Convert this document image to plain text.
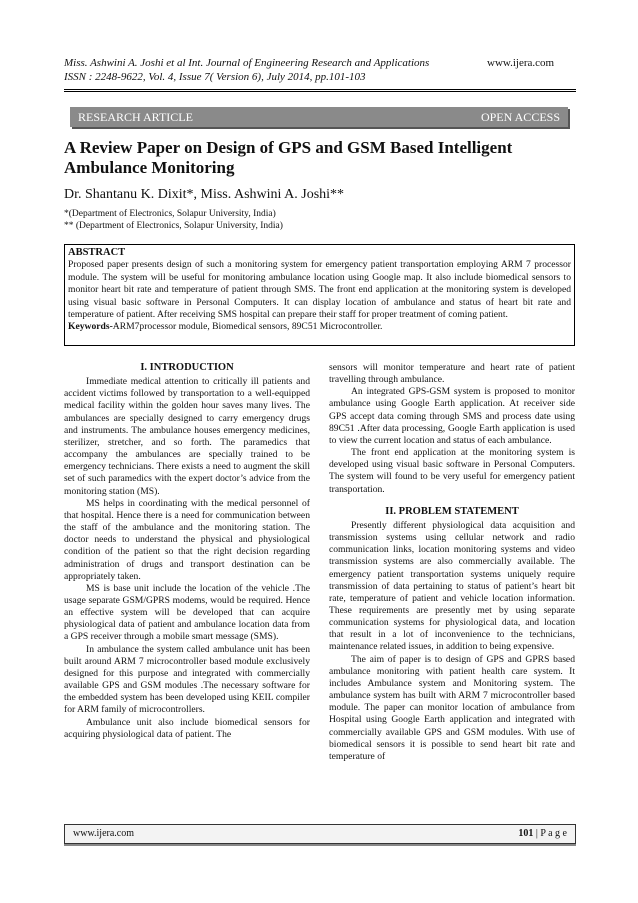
Miss. Ashwini A. Joshi et al Int. Journal of Engineering Research and Applications
ISSN : 2248-9622, Vol. 4, Issue 7( Version 6), July 2014, pp.101-103
www.ijera.com
RESEARCH ARTICLE	OPEN ACCESS
A Review Paper on Design of GPS and GSM Based Intelligent Ambulance Monitoring
Dr. Shantanu K. Dixit*, Miss. Ashwini A. Joshi**
*(Department of Electronics, Solapur University, India)
** (Department of Electronics, Solapur University, India)
ABSTRACT
Proposed paper presents design of such a monitoring system for emergency patient transportation employing ARM 7 processor module. The system will be useful for monitoring ambulance location using Google map. It also include biomedical sensors to monitor heart bit rate and temperature of patient through SMS. The front end application at the monitoring system is developed using visual basic software in Personal Computers. It can display location of ambulance and status of heart bit rate and temperature of patient. After receiving SMS hospital can prepare their staff for proper treatment of coming patient.
Keywords-ARM7processor module, Biomedical sensors, 89C51 Microcontroller.
I. INTRODUCTION

Immediate medical attention to critically ill patients and accident victims followed by transportation to a well-equipped medical facility within the golden hour saves many lives. The ambulances are specially designed to carry emergency drugs and instruments. The ambulance houses emergency medicines, sterilizer, stretcher, and so forth. The paramedics that accompany the ambulances are specially trained to be emergency technicians. There exists a need to augment the skill set of such paramedics with the expert doctor’s advice from the monitoring station (MS).

MS helps in coordinating with the medical personnel of that hospital. Hence there is a need for communication between the staff of the ambulance and the monitoring station. The doctor needs to understand the physical and physiological condition of the patient so that the right decision regarding administration of drugs and transport destination can be appropriately taken.

MS is base unit include the location of the vehicle .The usage separate GSM/GPRS modems, would be required. Hence an effective system will be developed that can acquire physiological data of patient and ambulance location data from a GPS receiver through a mobile smart message (SMS).

In ambulance the system called ambulance unit has been built around ARM 7 microcontroller based module exclusively designed for this purpose and integrated with commercially available GPS and GSM modules .The necessary software for the embedded system has been developed using KEIL compiler for ARM family of microcontrollers.

Ambulance unit also include biomedical sensors for acquiring physiological data of patient. The

sensors will monitor temperature and heart rate of patient travelling through ambulance.

An integrated GPS-GSM system is proposed to monitor ambulance using Google Earth application. At receiver side GPS accept data coming through SMS and process date using 89C51 .After data processing, Google Earth application is used to view the current location and status of each ambulance.

The front end application at the monitoring system is developed using visual basic software in Personal Computers. The system will found to be very useful for emergency patient transportation.

II. PROBLEM STATEMENT

Presently different physiological data acquisition and transmission systems using cellular network and radio communication links, location monitoring systems and video transmission systems are also commercially available. The emergency patient transportation systems uniquely require transmission of data pertaining to status of patient’s heart bit rate, temperature of patient and vehicle location information. These requirements are presently met by using separate communication systems for physiological data, and location that result in a lot of inconvenience to the technicians, maintenance related issues, in addition to being expensive.

The aim of paper is to design of GPS and GPRS based ambulance monitoring with patient health care system. It includes Ambulance system and Monitoring system. The ambulance system has built with ARM 7 microcontroller based module. The paper can monitor location of ambulance from Hospital using Google Earth application and integrated with commercially available GPS and GSM modules. With use of biomedical sensors it is possible to send heart bit rate and temperature of

www.ijera.com	101 | P a g e
